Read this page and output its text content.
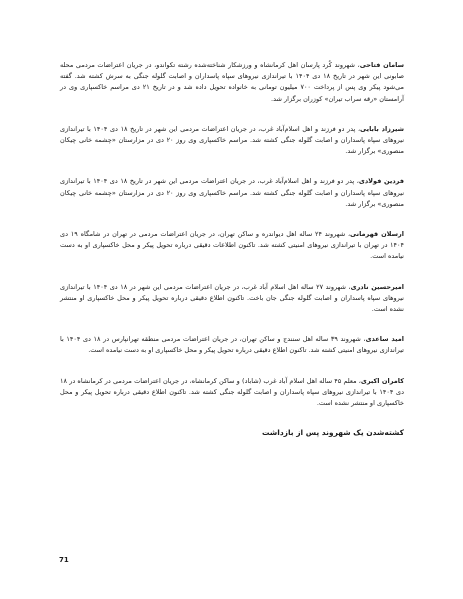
سامان فتاحی، شهروند کُرد پارسان اهل کرمانشاه و ورزشکار شناخته‌شده رشته تکواندو، در جریان اعتراضات مردمی محله صابونی این شهر در تاریخ ۱۸ دی ۱۴۰۴ با تیراندازی نیروهای سپاه پاسداران و اصابت گلوله جنگی به سرش کشته شد. گفته می‌شود پیکر وی پس از پرداخت ۷۰۰ میلیون تومانی به خانواده تحویل داده شد و در تاریخ ۲۱ دی مراسم خاکسپاری وی در آرامستان «رقه سراب تیران» کوزران برگزار شد.

شیرزاد بابایی، پدر دو فرزند و اهل اسلام‌آباد غرب، در جریان اعتراضات مردمی این شهر در تاریخ ۱۸ دی ۱۴۰۴ با تیراندازی نیروهای سپاه پاسداران و اصابت گلوله جنگی کشته شد. مراسم خاکسپاری وی روز ۲۰ دی در مزارستان «چشمه خانی چیکان منصوری» برگزار شد.

فردین فولادی، پدر دو فرزند و اهل اسلام‌آباد غرب، در جریان اعتراضات مردمی این شهر در تاریخ ۱۸ دی ۱۴۰۴ با تیراندازی نیروهای سپاه پاسداران و اصابت گلوله جنگی کشته شد. مراسم خاکسپاری وی روز ۲۰ دی در مزارستان «چشمه خانی چیکان منصوری» برگزار شد.

ارسلان قهرمانی، شهروند ۲۴ ساله اهل دیواندره و ساکن تهران، در جریان اعتراضات مردمی در تهران در شامگاه ۱۹ دی ۱۴۰۴ در تهران با تیراندازی نیروهای امنیتی کشته شد. تاکنون اطلاعات دقیقی درباره تحویل پیکر و محل خاکسپاری او به دست نیامده است.

امیرحسین نادری، شهروند ۲۷ ساله اهل اسلام آباد غرب، در جریان اعتراضات مردمی این شهر در ۱۸ دی ۱۴۰۴ با تیراندازی نیروهای سپاه پاسداران و اصابت گلوله جنگی جان باخت. تاکنون اطلاع دقیقی درباره تحویل پیکر و محل خاکسپاری او منتشر نشده است.

امید ساعدی، شهروند ۳۹ ساله اهل سنندج و ساکن تهران، در جریان اعتراضات مردمی منطقه تهرانپارس در ۱۸ دی ۱۴۰۴ با تیراندازی نیروهای امنیتی کشته شد. تاکنون اطلاع دقیقی درباره تحویل پیکر و محل خاکسپاری او به دست نیامده است.

کامران اکبری، معلم ۴۵ ساله اهل اسلام آباد غرب (شاباد) و ساکن کرمانشاه، در جریان اعتراضات مردمی در کرمانشاه در ۱۸ دی ۱۴۰۴ با تیراندازی نیروهای سپاه پاسداران و اصابت گلوله جنگی کشته شد. تاکنون اطلاع دقیقی درباره تحویل پیکر و محل خاکسپاری او منتشر نشده است.

کشته‌شدن یک شهروند پس از بازداشت
71
